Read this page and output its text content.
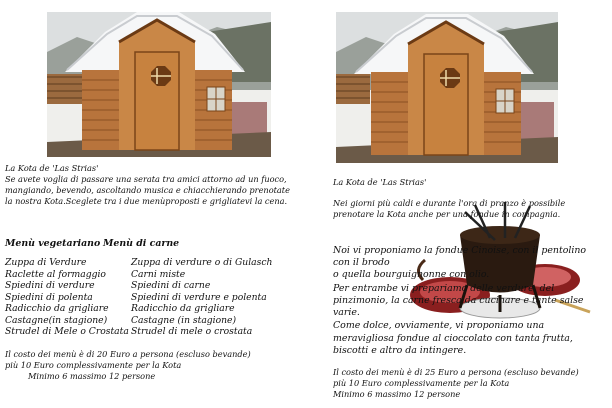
La Kota de 'Las Strias'
Se avete voglia di passare una serata tra amici attorno ad un fuoco,
mangiando, bevendo, ascoltando musica e chiacchierando prenotate
la nostra Kota.Sceglete tra i due menùproposti e grigliatevi la cena.
Menù vegetariano Menù di carne
Zuppa di Verdure
Raclette al formaggio
Spiedini di verdure
Spiedini di polenta
Radicchio da grigliare
Castagne(in stagione)
Strudel di Mele o Crostata
Zuppa di verdure o di Gulasch
Carni miste
Spiedini di carne
Spiedini di verdure e polenta
Radicchio da grigliare
Castagne (in stagione)
Strudel di mele o crostata
Il costo dei menù è di 20 Euro a persona (escluso bevande)
più 10 Euro complessivamente per la Kota
Minimo 6 massimo 12 persone
La Kota de 'Las Strias'
Nei giorni più caldi e durante l'ora di pranzo è possibile
prenotare la Kota anche per una fondue in compagnia.
Noi vi proponiamo la fondue Cinoise, con il pentolino
con il brodo
o quella bourguignonne con olio.
Per entrambe vi prepariamo delle verdure, del
pinzimonio, la carne fresca da cucinare e tante salse
varie.
Come dolce, ovviamente, vi proponiamo una
meravigliosa fondue al cioccolato con tanta frutta,
biscotti e altro da intingere.
Il costo dei menù è di 25 Euro a persona (escluso bevande)
più 10 Euro complessivamente per la Kota
Minimo 6 massimo 12 persone
